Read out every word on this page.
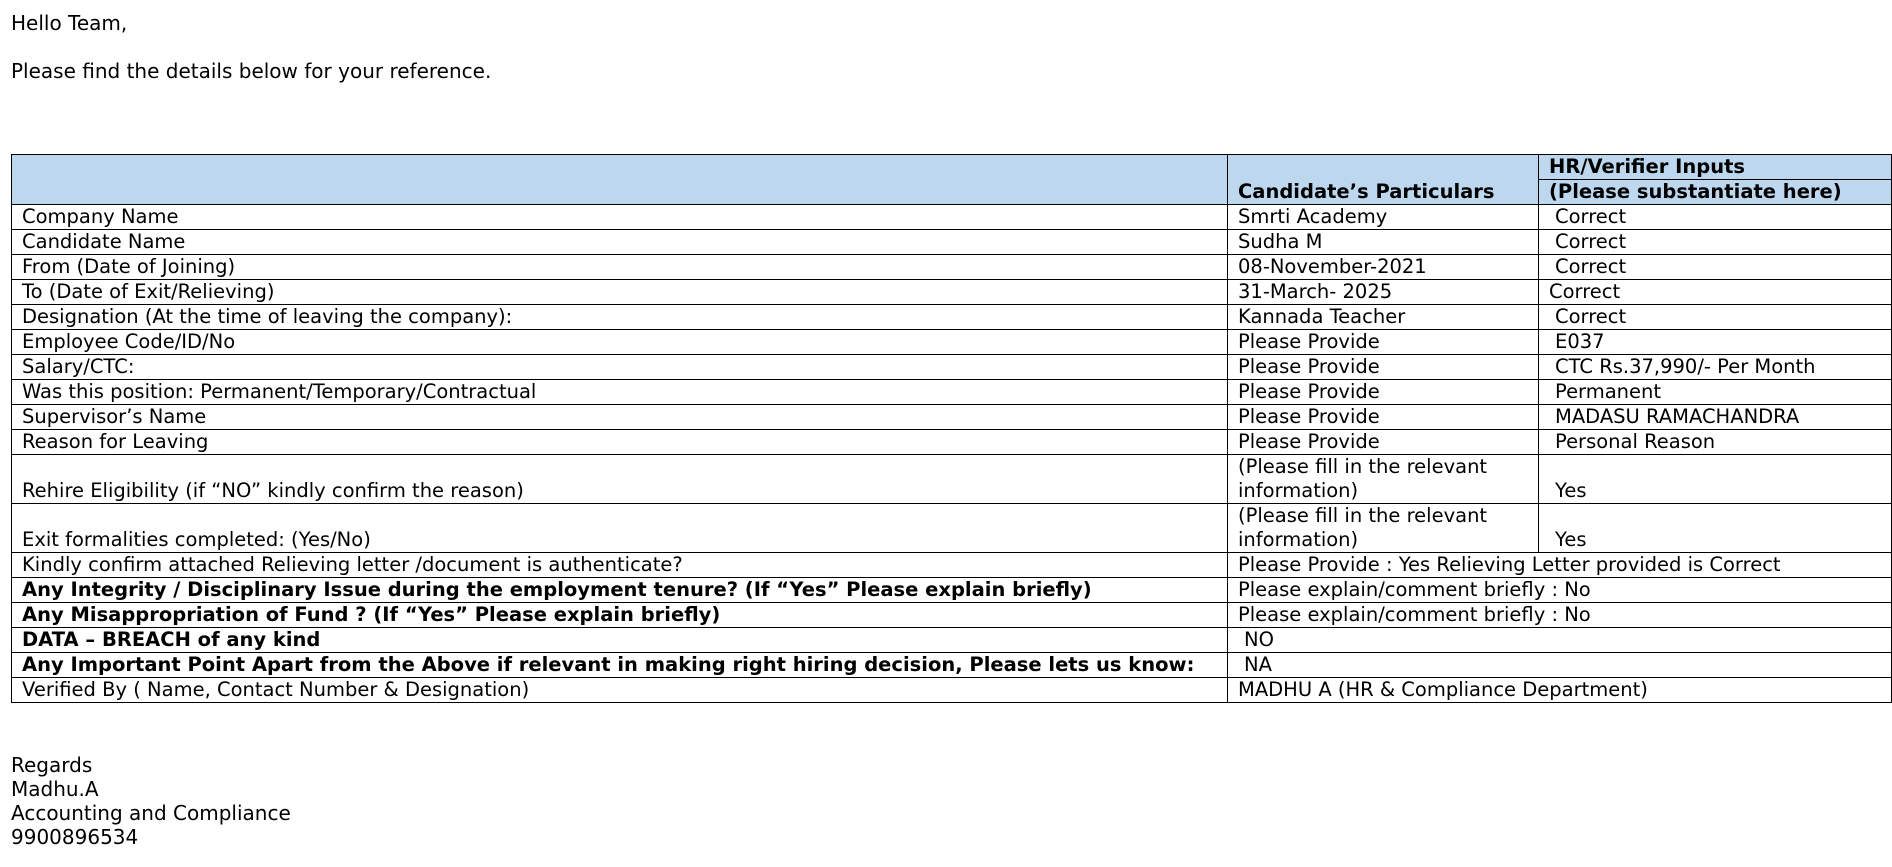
Hello Team,
Please find the details below for your reference.
	Candidate’s Particulars	HR/Verifier Inputs
(Please substantiate here)

Company Name	Smrti Academy	Correct
Candidate Name	Sudha M	Correct
From (Date of Joining)	08-November-2021	Correct
To (Date of Exit/Relieving)	31-March- 2025	Correct
Designation (At the time of leaving the company):	Kannada Teacher	Correct
Employee Code/ID/No	Please Provide	E037
Salary/CTC:	Please Provide	CTC Rs.37,990/- Per Month
Was this position: Permanent/Temporary/Contractual	Please Provide	Permanent
Supervisor’s Name	Please Provide	MADASU RAMACHANDRA
Reason for Leaving	Please Provide	Personal Reason
Rehire Eligibility (if “NO” kindly confirm the reason)	(Please fill in the relevant information)	Yes
Exit formalities completed: (Yes/No)	(Please fill in the relevant information)	Yes
Kindly confirm attached Relieving letter /document is authenticate?	Please Provide : Yes Relieving Letter provided is Correct	
Any Integrity / Disciplinary Issue during the employment tenure? (If “Yes” Please explain briefly)	Please explain/comment briefly : No	
Any Misappropriation of Fund ? (If “Yes” Please explain briefly)	Please explain/comment briefly : No	
DATA – BREACH of any kind	NO	
Any Important Point Apart from the Above if relevant in making right hiring decision, Please lets us know:	NA	
Verified By ( Name, Contact Number & Designation)	MADHU A (HR & Compliance Department)	
Regards
Madhu.A
Accounting and Compliance
9900896534
